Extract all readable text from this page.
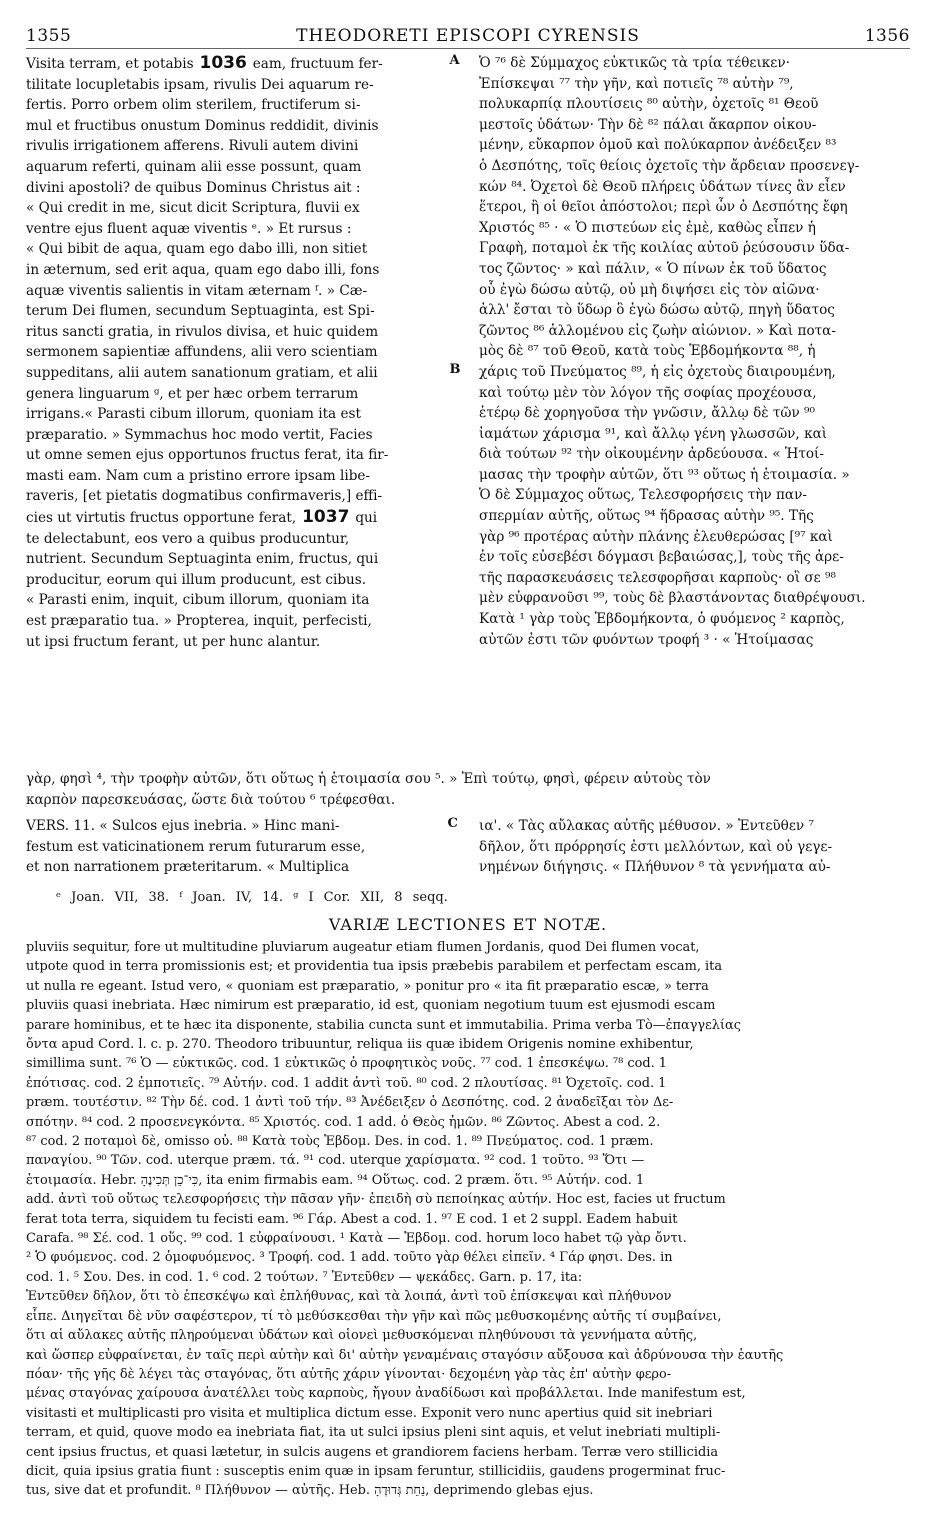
1355	THEODORETI EPISCOPI CYRENSIS	1356
Visita terram, et potabis 1036 eam, fructuum fer-
tilitate locupletabis ipsam, rivulis Dei aquarum re-
fertis. Porro orbem olim sterilem, fructiferum si-
mul et fructibus onustum Dominus reddidit, divinis
rivulis irrigationem afferens. Rivuli autem divini
aquarum referti, quinam alii esse possunt, quam
divini apostoli? de quibus Dominus Christus ait :
« Qui credit in me, sicut dicit Scriptura, fluvii ex
ventre ejus fluent aquæ viventis ᵉ. » Et rursus :
« Qui bibit de aqua, quam ego dabo illi, non sitiet
in æternum, sed erit aqua, quam ego dabo illi, fons
aquæ viventis salientis in vitam æternam ᶠ. » Cæ-
terum Dei flumen, secundum Septuaginta, est Spi-
ritus sancti gratia, in rivulos divisa, et huic quidem
sermonem sapientiæ affundens, alii vero scientiam
suppeditans, alii autem sanationum gratiam, et alii
genera linguarum ᵍ, et per hæc orbem terrarum
irrigans.« Parasti cibum illorum, quoniam ita est
præparatio. » Symmachus hoc modo vertit, Facies
ut omne semen ejus opportunos fructus ferat, ita fir-
masti eam. Nam cum a pristino errore ipsam libe-
raveris, [et pietatis dogmatibus confirmaveris,] effi-
cies ut virtutis fructus opportune ferat, 1037 qui
te delectabunt, eos vero a quibus producuntur,
nutrient. Secundum Septuaginta enim, fructus, qui
producitur, eorum qui illum producunt, est cibus.
« Parasti enim, inquit, cibum illorum, quoniam ita
est præparatio tua. » Propterea, inquit, perfecisti,
ut ipsi fructum ferant, ut per hunc alantur.
A
B
Ὁ ⁷⁶ δὲ Σύμμαχος εὐκτικῶς τὰ τρία τέθεικεν·
Ἐπίσκεψαι ⁷⁷ τὴν γῆν, καὶ ποτιεῖς ⁷⁸ αὐτὴν ⁷⁹,
πολυκαρπίᾳ πλουτίσεις ⁸⁰ αὐτὴν, ὀχετοῖς ⁸¹ Θεοῦ
μεστοῖς ὑδάτων· Τὴν δὲ ⁸² πάλαι ἄκαρπον οἰκου-
μένην, εὔκαρπον ὁμοῦ καὶ πολύκαρπον ἀνέδειξεν ⁸³
ὁ Δεσπότης, τοῖς θείοις ὀχετοῖς τὴν ἄρδειαν προσενεγ-
κών ⁸⁴. Ὀχετοὶ δὲ Θεοῦ πλήρεις ὑδάτων τίνες ἂν εἶεν
ἕτεροι, ἢ οἱ θεῖοι ἀπόστολοι; περὶ ὧν ὁ Δεσπότης ἔφη
Χριστός ⁸⁵ · « Ὁ πιστεύων εἰς ἐμὲ, καθὼς εἶπεν ἡ
Γραφὴ, ποταμοὶ ἐκ τῆς κοιλίας αὐτοῦ ῥεύσουσιν ὕδα-
τος ζῶντος· » καὶ πάλιν, « Ὁ πίνων ἐκ τοῦ ὕδατος
οὗ ἐγὼ δώσω αὐτῷ, οὐ μὴ διψήσει εἰς τὸν αἰῶνα·
ἀλλ' ἔσται τὸ ὕδωρ ὃ ἐγὼ δώσω αὐτῷ, πηγὴ ὕδατος
ζῶντος ⁸⁶ ἁλλομένου εἰς ζωὴν αἰώνιον. » Καὶ ποτα-
μὸς δὲ ⁸⁷ τοῦ Θεοῦ, κατὰ τοὺς Ἑβδομήκοντα ⁸⁸, ἡ
χάρις τοῦ Πνεύματος ⁸⁹, ἡ εἰς ὀχετοὺς διαιρουμένη,
καὶ τούτῳ μὲν τὸν λόγον τῆς σοφίας προχέουσα,
ἑτέρῳ δὲ χορηγοῦσα τὴν γνῶσιν, ἄλλῳ δὲ τῶν ⁹⁰
ἰαμάτων χάρισμα ⁹¹, καὶ ἄλλῳ γένη γλωσσῶν, καὶ
διὰ τούτων ⁹² τὴν οἰκουμένην ἀρδεύουσα. « Ἡτοί-
μασας τὴν τροφὴν αὐτῶν, ὅτι ⁹³ οὕτως ἡ ἑτοιμασία. »
Ὁ δὲ Σύμμαχος οὕτως, Τελεσφορήσεις τὴν παν-
σπερμίαν αὐτῆς, οὕτως ⁹⁴ ἥδρασας αὐτὴν ⁹⁵. Τῆς
γὰρ ⁹⁶ προτέρας αὐτὴν πλάνης ἐλευθερώσας [⁹⁷ καὶ
ἐν τοῖς εὐσεβέσι δόγμασι βεβαιώσας,], τοὺς τῆς ἀρε-
τῆς παρασκευάσεις τελεσφορῆσαι καρποὺς· οἳ σε ⁹⁸
μὲν εὐφρανοῦσι ⁹⁹, τοὺς δὲ βλαστάνοντας διαθρέψουσι.
Κατὰ ¹ γὰρ τοὺς Ἑβδομήκοντα, ὁ φυόμενος ² καρπὸς,
αὐτῶν ἐστι τῶν φυόντων τροφή ³ · « Ἡτοίμασας
γὰρ, φησὶ ⁴, τὴν τροφὴν αὐτῶν, ὅτι οὕτως ἡ ἑτοιμασία σου ⁵. » Ἐπὶ τούτῳ, φησὶ, φέρειν αὐτοὺς τὸν
καρπὸν παρεσκευάσας, ὥστε διὰ τούτου ⁶ τρέφεσθαι.
VERS. 11. « Sulcos ejus inebria. » Hinc mani-
festum est vaticinationem rerum futurarum esse,
et non narrationem præteritarum. « Multiplica
C	ια'. « Τὰς αὔλακας αὐτῆς μέθυσον. » Ἐντεῦθεν ⁷
δῆλον, ὅτι πρόρρησίς ἐστι μελλόντων, καὶ οὐ γεγε-
νημένων διήγησις. « Πλήθυνον ⁸ τὰ γεννήματα αὐ-
ᵉ Joan. VII, 38. ᶠ Joan. IV, 14. ᵍ I Cor. XII, 8 seqq.
VARIÆ LECTIONES ET NOTÆ.
pluviis sequitur, fore ut multitudine pluviarum augeatur etiam flumen Jordanis, quod Dei flumen vocat,
utpote quod in terra promissionis est; et providentia tua ipsis præbebis parabilem et perfectam escam, ita
ut nulla re egeant. Istud vero, « quoniam est præparatio, » ponitur pro « ita fit præparatio escæ, » terra
pluviis quasi inebriata. Hæc nimirum est præparatio, id est, quoniam negotium tuum est ejusmodi escam
parare hominibus, et te hæc ita disponente, stabilia cuncta sunt et immutabilia. Prima verba Τὸ—ἐπαγγελίας
ὄντα apud Cord. l. c. p. 270. Theodoro tribuuntur, reliqua iis quæ ibidem Origenis nomine exhibentur,
simillima sunt. ⁷⁶ Ὁ — εὐκτικῶς. cod. 1 εὐκτικῶς ὁ προφητικὸς νοῦς. ⁷⁷ cod. 1 ἐπεσκέψω. ⁷⁸ cod. 1
ἐπότισας. cod. 2 ἐμποτιεῖς. ⁷⁹ Αὐτήν. cod. 1 addit ἀντὶ τοῦ. ⁸⁰ cod. 2 πλουτίσας. ⁸¹ Ὀχετοῖς. cod. 1
præm. τουτέστιν. ⁸² Τὴν δέ. cod. 1 ἀντὶ τοῦ τήν. ⁸³ Ἀνέδειξεν ὁ Δεσπότης. cod. 2 ἀναδεῖξαι τὸν Δε-
σπότην. ⁸⁴ cod. 2 προσενεγκόντα. ⁸⁵ Χριστός. cod. 1 add. ὁ Θεὸς ἡμῶν. ⁸⁶ Ζῶντος. Abest a cod. 2.
⁸⁷ cod. 2 ποταμοὶ δὲ, omisso οὐ. ⁸⁸ Κατὰ τοὺς Ἑβδομ. Des. in cod. 1. ⁸⁹ Πνεύματος. cod. 1 præm.
παναγίου. ⁹⁰ Τῶν. cod. uterque præm. τά. ⁹¹ cod. uterque χαρίσματα. ⁹² cod. 1 τοῦτο. ⁹³ Ὅτι —
ἑτοιμασία. Hebr. כִּי־כֵן תְּכִינֶהָ, ita enim firmabis eam. ⁹⁴ Οὕτως. cod. 2 præm. ὅτι. ⁹⁵ Αὐτήν. cod. 1
add. ἀντὶ τοῦ οὕτως τελεσφορήσεις τὴν πᾶσαν γῆν· ἐπειδὴ σὺ πεποίηκας αὐτήν. Hoc est, facies ut fructum
ferat tota terra, siquidem tu fecisti eam. ⁹⁶ Γάρ. Abest a cod. 1. ⁹⁷ E cod. 1 et 2 suppl. Eadem habuit
Carafa. ⁹⁸ Σέ. cod. 1 οὕς. ⁹⁹ cod. 1 εὐφραίνουσι. ¹ Κατὰ — Ἑβδομ. cod. horum loco habet τῷ γὰρ ὄντι.
² Ὁ φυόμενος. cod. 2 ὁμοφυόμενος. ³ Τροφή. cod. 1 add. τοῦτο γὰρ θέλει εἰπεῖν. ⁴ Γάρ φησι. Des. in
cod. 1. ⁵ Σου. Des. in cod. 1. ⁶ cod. 2 τούτων. ⁷ Ἐντεῦθεν — ψεκάδες. Garn. p. 17, ita:
Ἐντεῦθεν δῆλον, ὅτι τὸ ἐπεσκέψω καὶ ἐπλήθυνας, καὶ τὰ λοιπά, ἀντὶ τοῦ ἐπίσκεψαι καὶ πλήθυνον
εἶπε. Διηγεῖται δὲ νῦν σαφέστερον, τί τὸ μεθύσκεσθαι τὴν γῆν καὶ πῶς μεθυσκομένης αὐτῆς τί συμβαίνει,
ὅτι αἱ αὔλακες αὐτῆς πληρούμεναι ὑδάτων καὶ οἱονεὶ μεθυσκόμεναι πληθύνουσι τὰ γεννήματα αὐτῆς,
καὶ ὥσπερ εὐφραίνεται, ἐν ταῖς περὶ αὐτὴν καὶ δι' αὐτὴν γεναμέναις σταγόσιν αὔξουσα καὶ ἀδρύνουσα τὴν ἑαυτῆς
πόαν· τῆς γῆς δὲ λέγει τὰς σταγόνας, ὅτι αὐτῆς χάριν γίνονται· δεχομένη γὰρ τὰς ἐπ' αὐτὴν φερο-
μένας σταγόνας χαίρουσα ἀνατέλλει τοὺς καρποὺς, ἤγουν ἀναδίδωσι καὶ προβάλλεται. Inde manifestum est,
visitasti et multiplicasti pro visita et multiplica dictum esse. Exponit vero nunc apertius quid sit inebriari
terram, et quid, quove modo ea inebriata fiat, ita ut sulci ipsius pleni sint aquis, et velut inebriati multipli-
cent ipsius fructus, et quasi lætetur, in sulcis augens et grandiorem faciens herbam. Terræ vero stillicidia
dicit, quia ipsius gratia fiunt : susceptis enim quæ in ipsam feruntur, stillicidiis, gaudens progerminat fruc-
tus, sive dat et profundit. ⁸ Πλήθυνον — αὐτῆς. Heb. נַחֵת גְּדוּדֶהָ, deprimendo glebas ejus.
